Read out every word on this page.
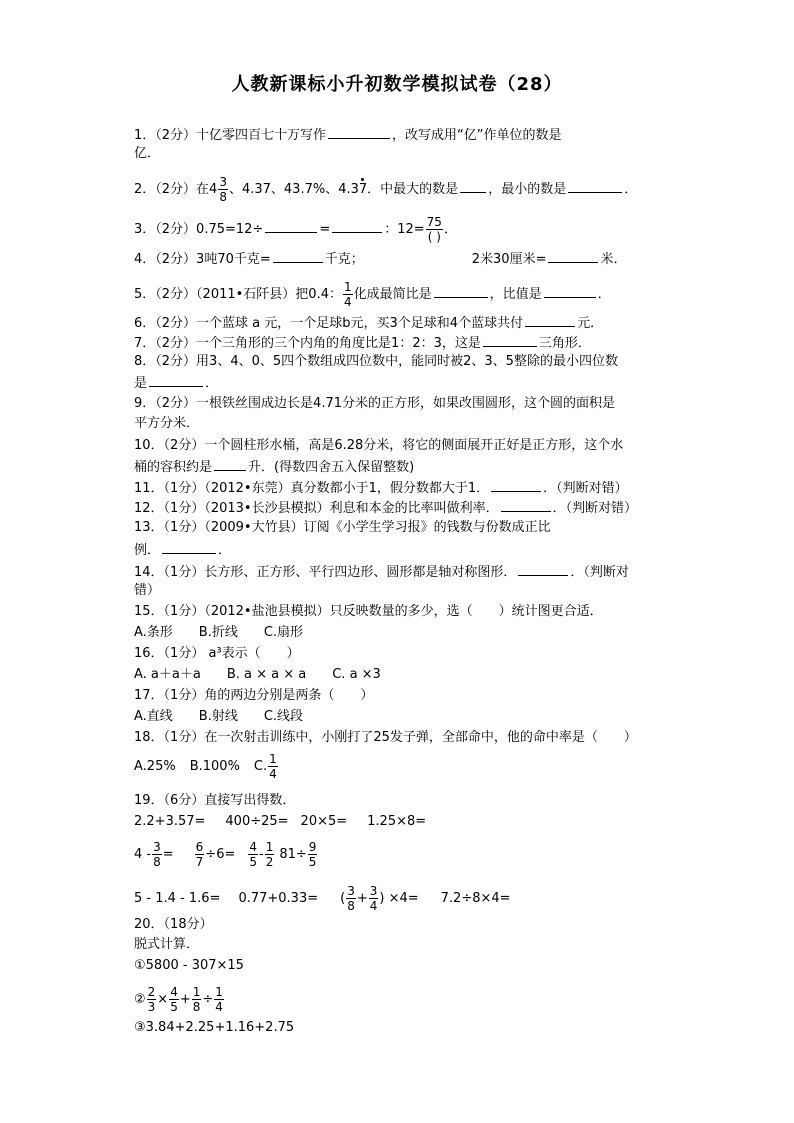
人教新课标小升初数学模拟试卷（28）
1．（2分）十亿零四百七十万写作	，改写成用“亿”作单位的数是
亿．
2．（2分）在$4 \frac{3}{8}$ 、4.37、43.7%、4.37．中最大的数是 ，最小的数是	．
3．（2分）0.75=12÷	=	：$12= \frac{75}{( )}$ ．
4．（2分）3吨70千克=	千克；	2米30厘米=	米．
5．（2分）（2011•石阡县）把0.4： $\frac{1}{4}$ 化成最简比是	，比值是	．
6．（2分）一个蓝球 a 元，一个足球b元，买3个足球和4个蓝球共付	元．
7．（2分）一个三角形的三个内角的角度比是1：2：3，这是	三角形．
8．（2分）用3、4、0、5四个数组成四位数中，能同时被2、3、5整除的最小四位数
是	．
9．（2分）一根铁丝围成边长是4.71分米的正方形，如果改围圆形，这个圆的面积是
平方分米．
10．（2分）一个圆柱形水桶，高是6.28分米，将它的侧面展开正好是正方形，这个水
桶的容积约是	升．(得数四舍五入保留整数)
11．（1分）（2012•东莞）真分数都小于1，假分数都大于1．	．（判断对错）
12．（1分）（2013•长沙县模拟）利息和本金的比率叫做利率．	．（判断对错）
13．（1分）（2009•大竹县）订阅《小学生学习报》的钱数与份数成正比
例．	．
14．（1分）长方形、正方形、平行四边形、圆形都是轴对称图形．	．（判断对
错）
15．（1分）（2012•盐池县模拟）只反映数量的多少，选（　　）统计图更合适．
A.条形　　B.折线　　C.扇形
16．（1分） a³表示（　　）
A. a＋a＋a　　B. a × a × a　　C. a ×3
17．（1分）角的两边分别是两条（　　）
A.直线　　B.射线　　C.线段
18．（1分）在一次射击训练中，小刚打了25发子弹，全部命中，他的命中率是（　　）
A.25% B.100% C. $\frac{1}{4}$
19．（6分）直接写出得数．
2.2+3.57= 400÷25= 20×5= 1.25×8=
$4 - \frac{3}{8} = \frac{6}{7} \div 6= \frac{4}{5} - \frac{1}{2} 81\div \frac{9}{5}$
5 - 1.4 - 1.6= 0.77+0.33= ( $\frac{3}{8} + \frac{3}{4}$ ) ×4= 7.2÷8×4=
20．（18分）
脱式计算．
①5800 - 307×15
② $\frac{2}{3} \times \frac{4}{5} + \frac{1}{8} \div \frac{1}{4}$
③3.84+2.25+1.16+2.75
